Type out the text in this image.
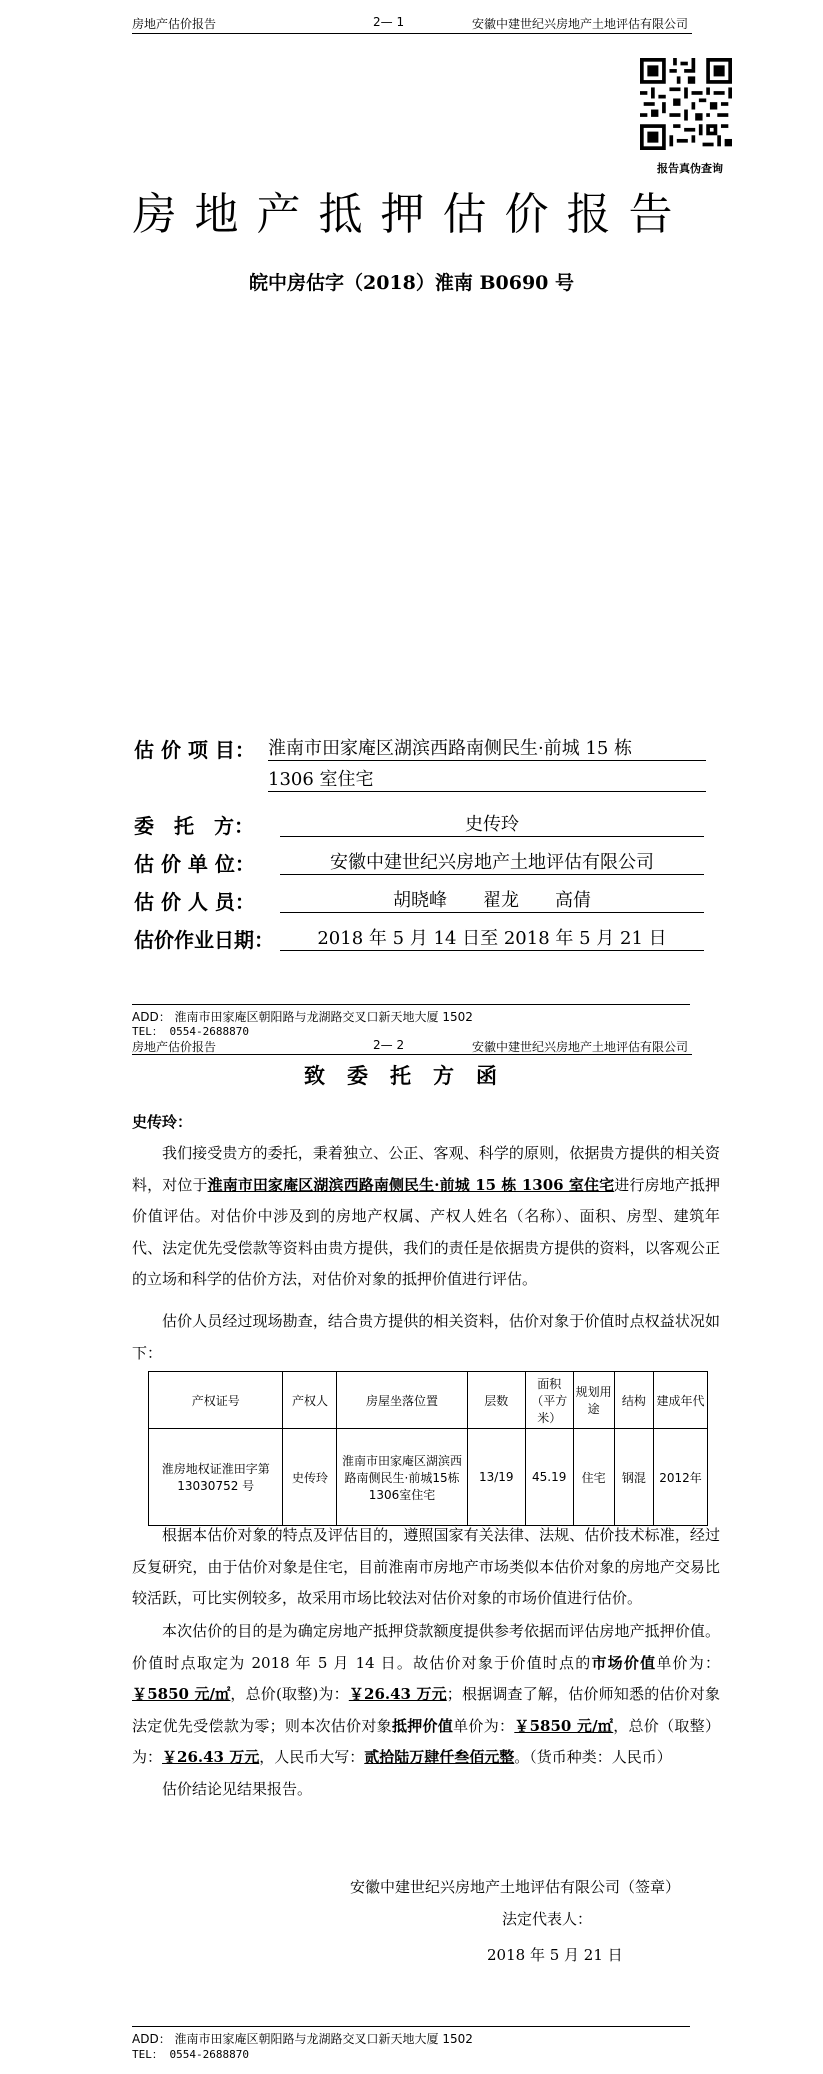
房地产估价报告	2— 1	安徽中建世纪兴房地产土地评估有限公司
报告真伪查询
房地产抵押估价报告
皖中房估字（2018）淮南 B0690 号
估 价 项 目： 淮南市田家庵区湖滨西路南侧民生·前城 15 栋
1306 室住宅
委　托　方：	史传玲
估 价 单 位：	安徽中建世纪兴房地产土地评估有限公司
估 价 人 员：	胡晓峰　　翟龙　　高倩
估价作业日期：	2018 年 5 月 14 日至 2018 年 5 月 21 日
ADD： 淮南市田家庵区朝阳路与龙湖路交叉口新天地大厦 1502
TEL： 0554-2688870
房地产估价报告	2— 2	安徽中建世纪兴房地产土地评估有限公司
致委托方函
史传玲：
我们接受贵方的委托，秉着独立、公正、客观、科学的原则，依据贵方提供的相关资料，对位于淮南市田家庵区湖滨西路南侧民生·前城 15 栋 1306 室住宅进行房地产抵押价值评估。对估价中涉及到的房地产权属、产权人姓名（名称）、面积、房型、建筑年代、法定优先受偿款等资料由贵方提供，我们的责任是依据贵方提供的资料，以客观公正的立场和科学的估价方法，对估价对象的抵押价值进行评估。
估价人员经过现场勘查，结合贵方提供的相关资料，估价对象于价值时点权益状况如下：
产权证号	产权人	房屋坐落位置	层数	面积（平方米）	规划用途	结构	建成年代
淮房地权证淮田字第 13030752 号	史传玲	淮南市田家庵区湖滨西路南侧民生·前城15栋1306室住宅	13/19	45.19	住宅	钢混	2012年
根据本估价对象的特点及评估目的，遵照国家有关法律、法规、估价技术标准，经过反复研究，由于估价对象是住宅，目前淮南市房地产市场类似本估价对象的房地产交易比较活跃，可比实例较多，故采用市场比较法对估价对象的市场价值进行估价。
本次估价的目的是为确定房地产抵押贷款额度提供参考依据而评估房地产抵押价值。价值时点取定为 2018 年 5 月 14 日。故估价对象于价值时点的市场价值单价为：￥5850 元/㎡，总价(取整)为：￥26.43 万元；根据调查了解，估价师知悉的估价对象法定优先受偿款为零；则本次估价对象抵押价值单价为：￥5850 元/㎡，总价（取整）为：￥26.43 万元，人民币大写：贰拾陆万肆仟叁佰元整。（货币种类：人民币）
估价结论见结果报告。
安徽中建世纪兴房地产土地评估有限公司（签章）
法定代表人：
2018 年 5 月 21 日
ADD： 淮南市田家庵区朝阳路与龙湖路交叉口新天地大厦 1502
TEL： 0554-2688870
